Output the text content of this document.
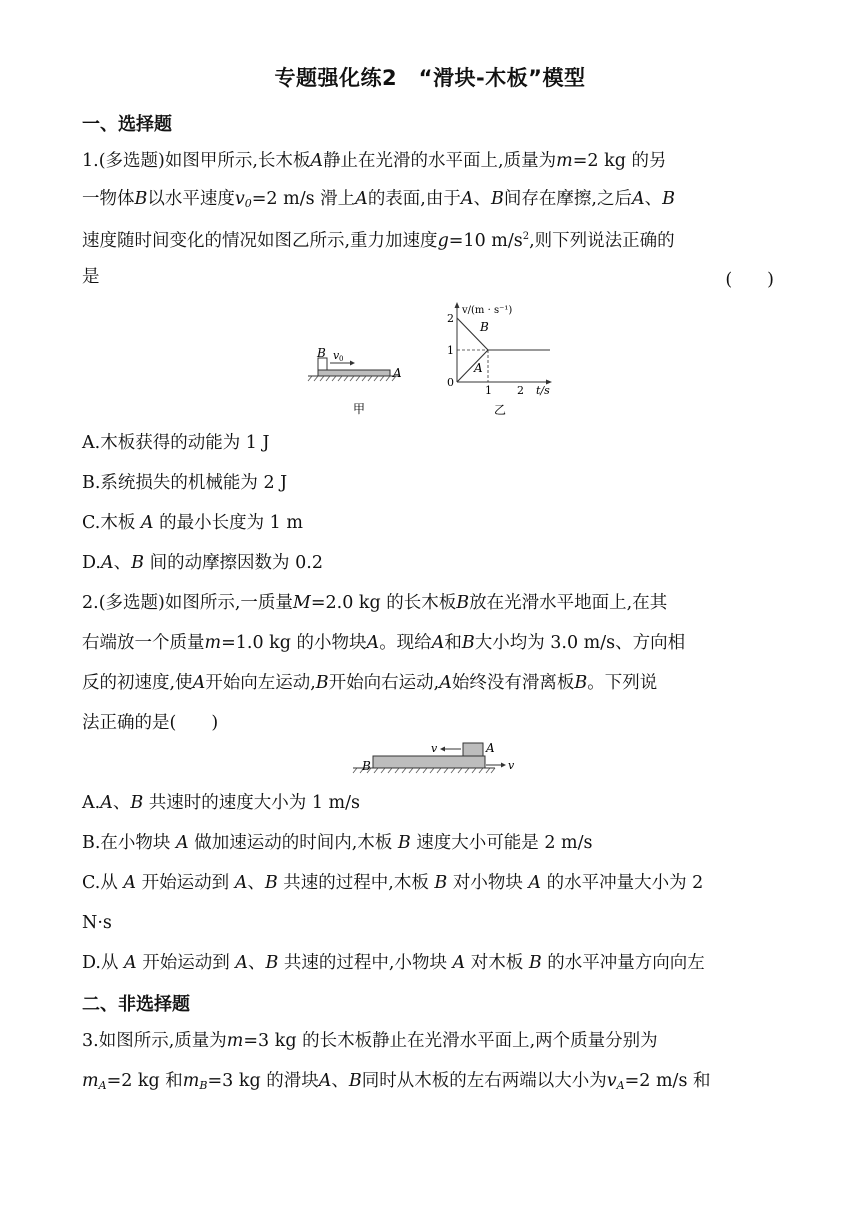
专题强化练2　“滑块-木板”模型
一、选择题
1.(多选题)如图甲所示,长木板A静止在光滑的水平面上,质量为m=2 kg 的另
一物体B以水平速度$v_0=2$ m/s 滑上A的表面,由于A、B间存在摩擦,之后A、B
速度随时间变化的情况如图乙所示,重力加速度g=10 $m/s^2$,则下列说法正确的
是	(　　)
B v 0
A
甲
v/(m · s⁻¹)
2
1
0
1 2 t/s
B
A
乙
A.木板获得的动能为 1 J
B.系统损失的机械能为 2 J
C.木板 A 的最小长度为 1 m
D.A、B 间的动摩擦因数为 0.2
2.(多选题)如图所示,一质量M=2.0 kg 的长木板B放在光滑水平地面上,在其
右端放一个质量m=1.0 kg 的小物块A。现给A和B大小均为 3.0 m/s、方向相
反的初速度,使A开始向左运动,B开始向右运动,A始终没有滑离板B。下列说
法正确的是(　　)
v	A
B	v
A.A、B 共速时的速度大小为 1 m/s
B.在小物块 A 做加速运动的时间内,木板 B 速度大小可能是 2 m/s
C.从 A 开始运动到 A、B 共速的过程中,木板 B 对小物块 A 的水平冲量大小为 2
N·s
D.从 A 开始运动到 A、B 共速的过程中,小物块 A 对木板 B 的水平冲量方向向左
二、非选择题
3.如图所示,质量为m=3 kg 的长木板静止在光滑水平面上,两个质量分别为
$m_A=2$ kg 和$m_B=3$ kg 的滑块A、B同时从木板的左右两端以大小为$v_A=2$ m/s 和
